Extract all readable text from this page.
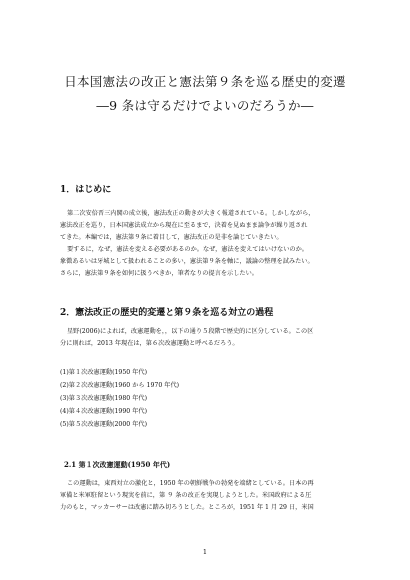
日本国憲法の改正と憲法第９条を巡る歴史的変遷
―9 条は守るだけでよいのだろうか―
1．はじめに
第二次安倍晋三内閣の成立後，憲法改正の動きが大きく報道されている。しかしながら，
憲法改正を巡り，日本国憲法成立から現在に至るまで，決着を見ぬまま論争が繰り返され
てきた。本編では，憲法第９条に着目して，憲法改正の是非を論じていきたい。
要するに，なぜ，憲法を変える必要があるのか。なぜ，憲法を変えてはいけないのか。
象徴あるいは牙城として扱われることの多い，憲法第９条を軸に，議論の整理を試みたい。
さらに，憲法第９条を如何に扱うべきか，筆者なりの提言を示したい。
2．憲法改正の歴史的変遷と第９条を巡る対立の過程
星野(2006)によれば，改憲運動を，，以下の通り５段階で歴史的に区分している。この区
分に則れば，2013 年現在は，第６次改憲運動と呼べるだろう。
(1)第１次改憲運動(1950 年代)
(2)第２次改憲運動(1960 から 1970 年代)
(3)第３次改憲運動(1980 年代)
(4)第４次改憲運動(1990 年代)
(5)第５次改憲運動(2000 年代)
2.1 第１次改憲運動(1950 年代)
この運動は，東西対立の激化と，1950 年の朝鮮戦争の勃発を端緒としている。日本の再
軍備と米軍駐留という現実を前に，第 ９ 条の改正を実現しようとした。米国政府による圧
力のもと，マッカーサーは改憲に踏み切ろうとした。ところが，1951 年 1 月 29 日，米国
1
